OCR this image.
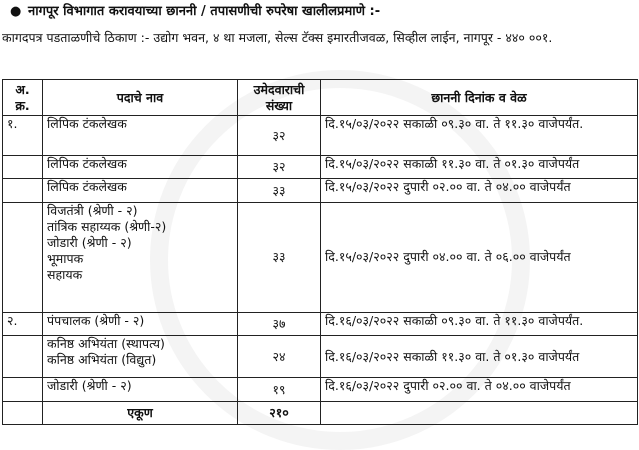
● नागपूर विभागात करावयाच्या छाननी / तपासणीची रुपरेषा खालीलप्रमाणे :-
कागदपत्र पडताळणीचे ठिकाण :- उद्योग भवन, ४ था मजला, सेल्स टॅक्स इमारतीजवळ, सिव्हील लाईन, नागपूर - ४४० ००१.
अ. क्र.	पदाचे नाव	उमेदवाराची संख्या	छाननी दिनांक व वेळ
१.	लिपिक टंकलेखक	३२	दि.१५/०३/२०२२ सकाळी ०९.३० वा. ते ११.३० वाजेपर्यंत.
	लिपिक टंकलेखक	३२	दि.१५/०३/२०२२ सकाळी ११.३० वा. ते ०१.३० वाजेपर्यंत
	लिपिक टंकलेखक	३३	दि.१५/०३/२०२२ दुपारी ०२.०० वा. ते ०४.०० वाजेपर्यंत

	विजतंत्री (श्रेणी - २)
तांत्रिक सहाय्यक (श्रेणी-२)
जोडारी (श्रेणी - २)
भूमापक
सहायक	३३	दि.१५/०३/२०२२ दुपारी ०४.०० वा. ते ०६.०० वाजेपर्यंत
२.	पंपचालक (श्रेणी - २)	३७	दि.१६/०३/२०२२ सकाळी ०९.३० वा. ते ११.३० वाजेपर्यंत.

	कनिष्ठ अभियंता (स्थापत्य)
कनिष्ठ अभियंता (विद्युत)	२४	दि.१६/०३/२०२२ सकाळी ११.३० वा. ते ०१.३० वाजेपर्यंत
	जोडारी (श्रेणी - २)	१९	दि.१६/०३/२०२२ दुपारी ०२.०० वा. ते ०४.०० वाजेपर्यंत
	एकूण	२१०	
